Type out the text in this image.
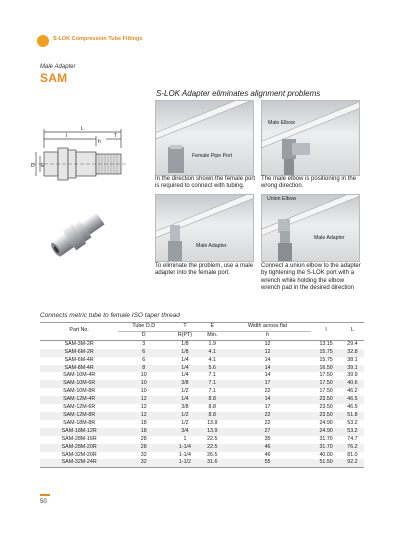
S-LOK Compression Tube Fittings
Male Adapter
SAM
L
l
h
T
D E
S-LOK Adapter eliminates alignment problems
Female Pipe Port
In the direction shown the female port is required to connect with tubing.
Male Elbow
The male elbow is positioning in the wrong direction.
Male Adapter
To eliminate the problem, use a male adapter into the female port.
Union Elbow
Male Adapter
Connect a union elbow to the adapter by tightening the S-LOK port with a wrench while holding the elbow wrench pad in the desired direction
Connects metric tube to female ISO taper thread
Part No.	Tube O.D	T	E	Width across flat	l	L
	D	R(PT)	Min.	h		
SAM-3M-2R	3	1/8	1.9	12	13.15	29.4
SAM-6M-2R	6	1/8	4.1	12	15.75	32.8
SAM-6M-4R	6	1/4	4.1	14	15.75	38.1
SAM-8M-4R	8	1/4	5.6	14	16.50	39.1
SAM-10M-4R	10	1/4	7.1	14	17.50	39.9
SAM-10M-6R	10	3/8	7.1	17	17.50	40.6
SAM-10M-8R	10	1/2	7.1	22	17.50	46.2
SAM-12M-4R	12	1/4	8.8	14	23.50	46.5
SAM-12M-6R	12	3/8	8.8	17	23.50	46.5
SAM-12M-8R	12	1/2	8.8	22	23.50	51.8
SAM-18M-8R	18	1/2	13.9	22	24.90	53.2
SAM-18M-12R	18	3/4	13.9	27	24.90	53.2
SAM-28M-16R	28	1	22.5	35	31.70	74.7
SAM-28M-20R	28	1-1/4	22.5	46	31.70	76.2
SAM-32M-20R	32	1-1/4	26.5	46	40.00	81.0
SAM-32M-24R	32	1-1/2	31.6	55	51.50	92.2
50
